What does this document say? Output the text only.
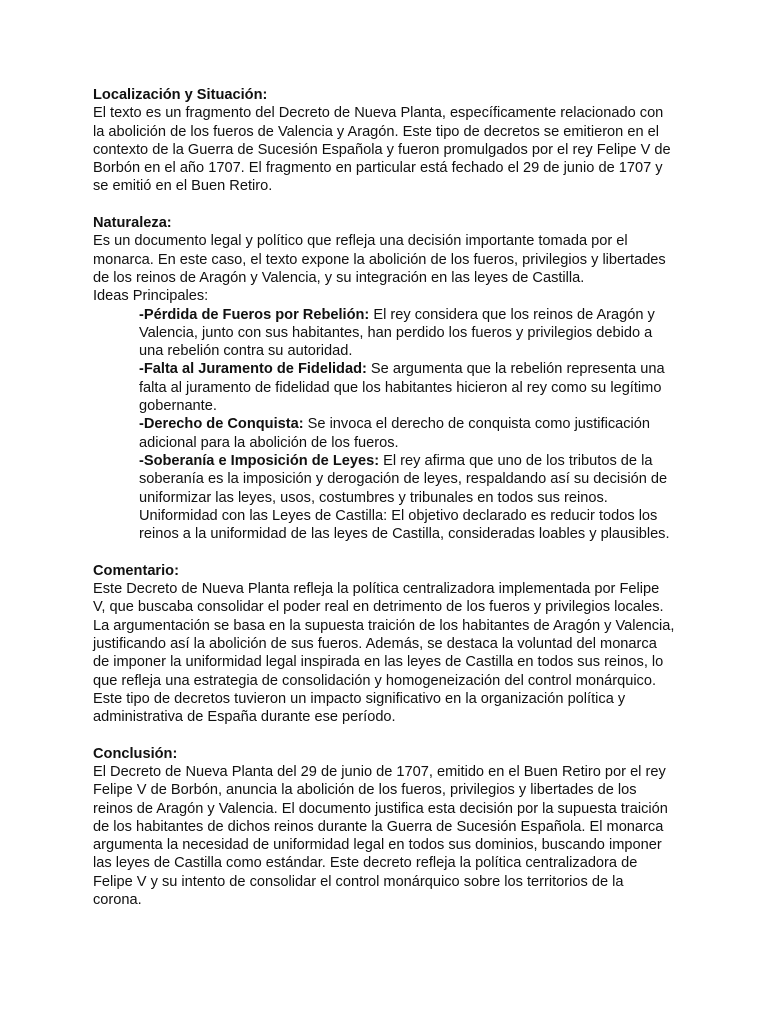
Localización y Situación:
El texto es un fragmento del Decreto de Nueva Planta, específicamente relacionado con la abolición de los fueros de Valencia y Aragón. Este tipo de decretos se emitieron en el contexto de la Guerra de Sucesión Española y fueron promulgados por el rey Felipe V de Borbón en el año 1707. El fragmento en particular está fechado el 29 de junio de 1707 y se emitió en el Buen Retiro.
Naturaleza:
Es un documento legal y político que refleja una decisión importante tomada por el monarca. En este caso, el texto expone la abolición de los fueros, privilegios y libertades de los reinos de Aragón y Valencia, y su integración en las leyes de Castilla.
Ideas Principales:
-Pérdida de Fueros por Rebelión: El rey considera que los reinos de Aragón y Valencia, junto con sus habitantes, han perdido los fueros y privilegios debido a una rebelión contra su autoridad.
-Falta al Juramento de Fidelidad: Se argumenta que la rebelión representa una falta al juramento de fidelidad que los habitantes hicieron al rey como su legítimo gobernante.
-Derecho de Conquista: Se invoca el derecho de conquista como justificación adicional para la abolición de los fueros.
-Soberanía e Imposición de Leyes: El rey afirma que uno de los tributos de la soberanía es la imposición y derogación de leyes, respaldando así su decisión de uniformizar las leyes, usos, costumbres y tribunales en todos sus reinos.
Uniformidad con las Leyes de Castilla: El objetivo declarado es reducir todos los reinos a la uniformidad de las leyes de Castilla, consideradas loables y plausibles.
Comentario:
Este Decreto de Nueva Planta refleja la política centralizadora implementada por Felipe V, que buscaba consolidar el poder real en detrimento de los fueros y privilegios locales. La argumentación se basa en la supuesta traición de los habitantes de Aragón y Valencia, justificando así la abolición de sus fueros. Además, se destaca la voluntad del monarca de imponer la uniformidad legal inspirada en las leyes de Castilla en todos sus reinos, lo que refleja una estrategia de consolidación y homogeneización del control monárquico. Este tipo de decretos tuvieron un impacto significativo en la organización política y administrativa de España durante ese período.
Conclusión:
El Decreto de Nueva Planta del 29 de junio de 1707, emitido en el Buen Retiro por el rey Felipe V de Borbón, anuncia la abolición de los fueros, privilegios y libertades de los reinos de Aragón y Valencia. El documento justifica esta decisión por la supuesta traición de los habitantes de dichos reinos durante la Guerra de Sucesión Española. El monarca argumenta la necesidad de uniformidad legal en todos sus dominios, buscando imponer las leyes de Castilla como estándar. Este decreto refleja la política centralizadora de Felipe V y su intento de consolidar el control monárquico sobre los territorios de la corona.
